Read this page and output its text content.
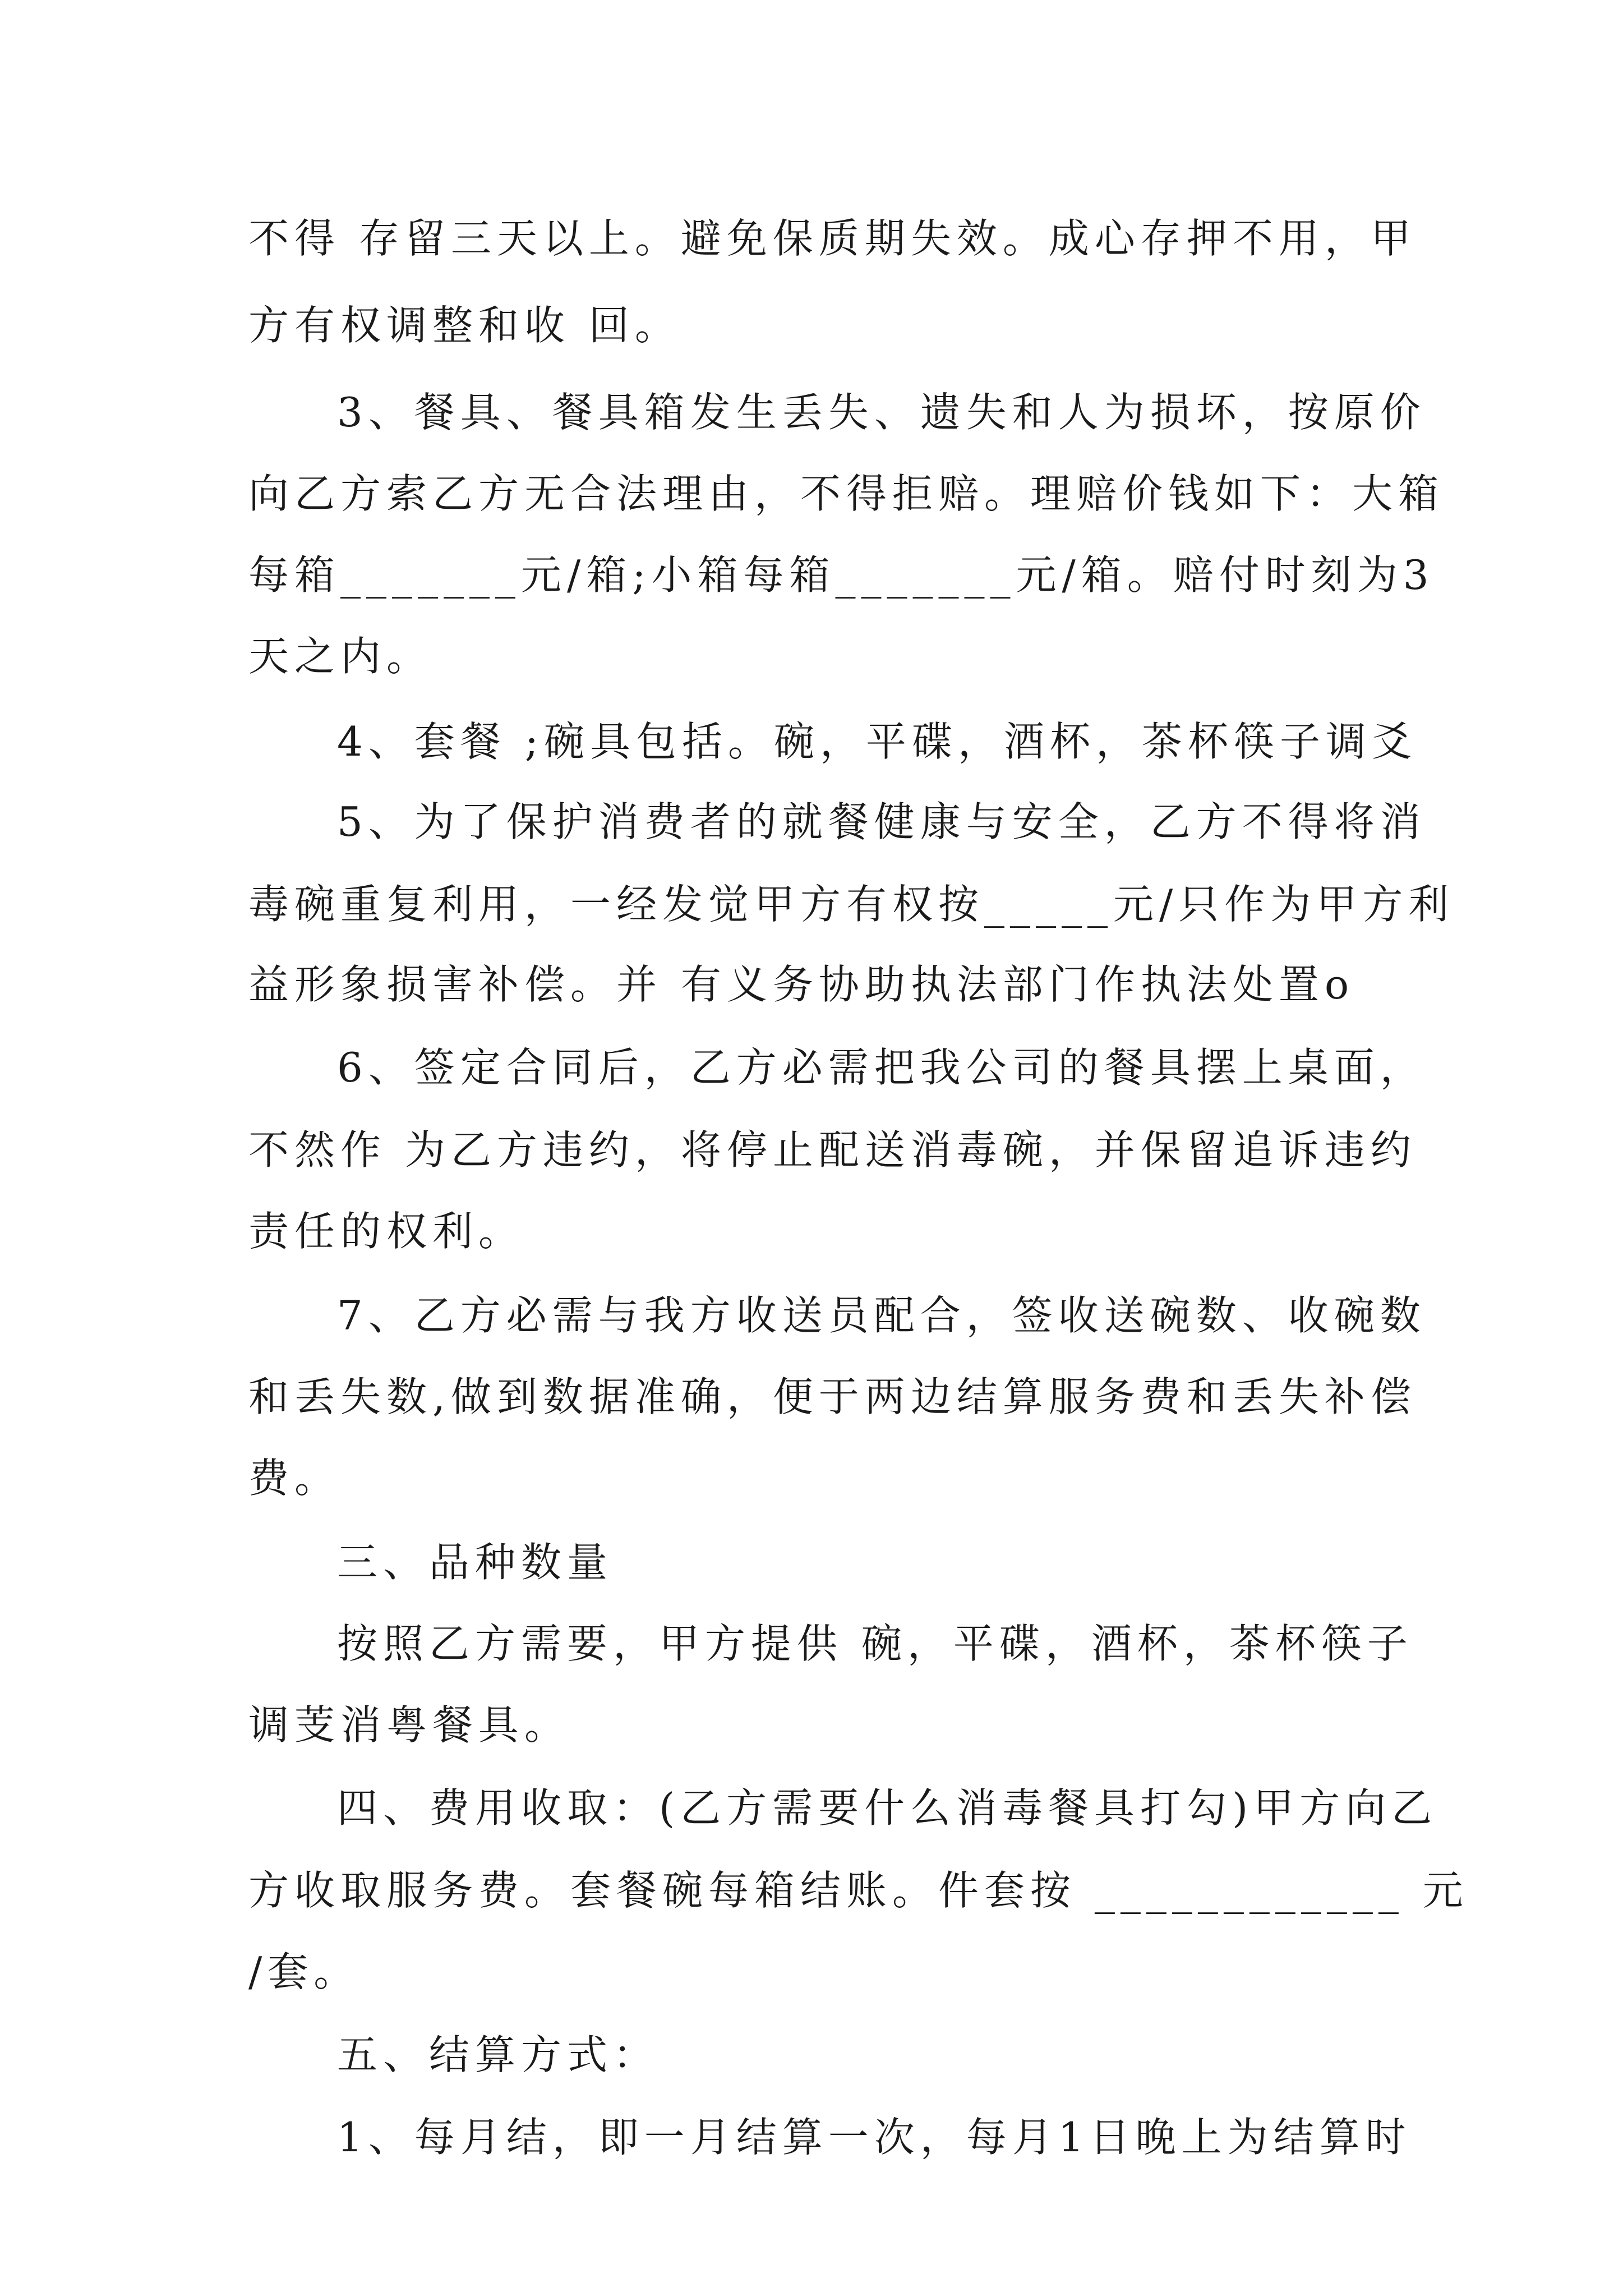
不得 存留三天以上。避免保质期失效。成心存押不用，甲
方有权调整和收 回。
3、餐具、餐具箱发生丢失、遗失和人为损坏，按原价
向乙方索乙方无合法理由，不得拒赔。理赔价钱如下：大箱
每箱_______元/箱;小箱每箱_______元/箱。赔付时刻为3
天之内。
4、套餐 ;碗具包括。碗，平碟，酒杯，茶杯筷子调爻
5、为了保护消费者的就餐健康与安全，乙方不得将消
毒碗重复利用，一经发觉甲方有权按_____元/只作为甲方利
益形象损害补偿。并 有义务协助执法部门作执法处置o
6、签定合同后，乙方必需把我公司的餐具摆上桌面，
不然作 为乙方违约，将停止配送消毒碗，并保留追诉违约
责任的权利。
7、乙方必需与我方收送员配合，签收送碗数、收碗数
和丢失数,做到数据准确，便于两边结算服务费和丢失补偿
费。
三、品种数量
按照乙方需要，甲方提供 碗，平碟，酒杯，茶杯筷子
调芰消粤餐具。
四、费用收取：(乙方需要什么消毒餐具打勾)甲方向乙
方收取服务费。套餐碗每箱结账。件套按 ____________ 元
/套。
五、结算方式：
1、每月结，即一月结算一次，每月1日晚上为结算时
